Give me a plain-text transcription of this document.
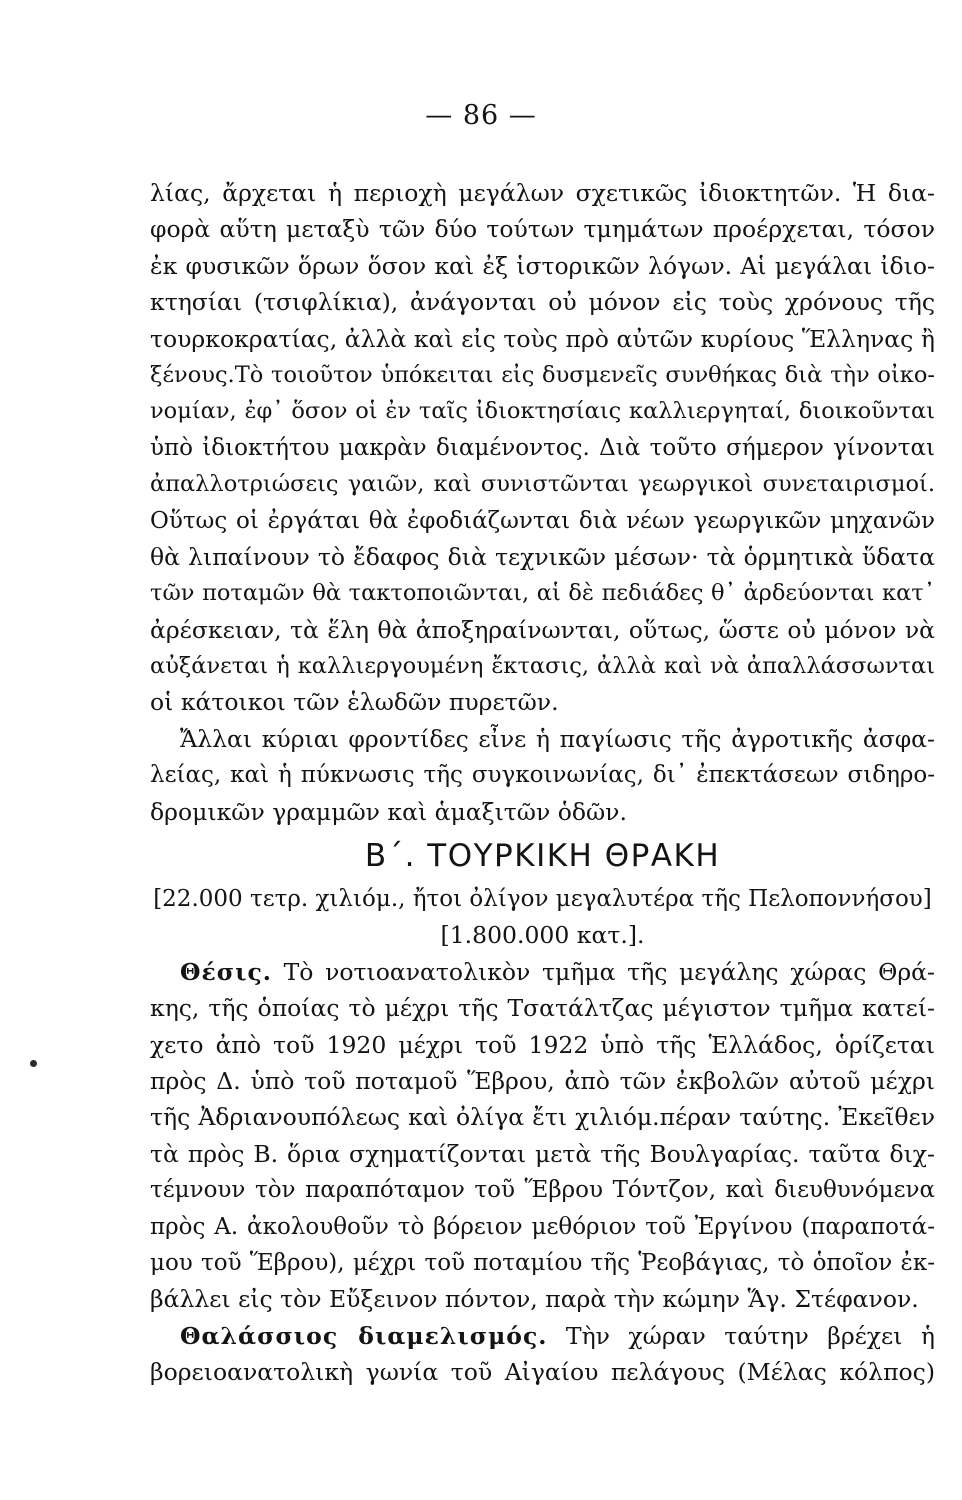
— 86 —
λίας, ἄρχεται ἡ περιοχὴ μεγάλων σχετικῶς ἰδιοκτητῶν. Ἡ δια-
φορὰ αὕτη μεταξὺ τῶν δύο τούτων τμημάτων προέρχεται, τόσον
ἐκ φυσικῶν ὅρων ὅσον καὶ ἐξ ἱστορικῶν λόγων. Αἱ μεγάλαι ἰδιο-
κτησίαι (τσιφλίκια), ἀνάγονται οὐ μόνον εἰς τοὺς χρόνους τῆς
τουρκοκρατίας, ἀλλὰ καὶ εἰς τοὺς πρὸ αὐτῶν κυρίους Ἕλληνας ἢ
ξένους.Τὸ τοιοῦτον ὑπόκειται εἰς δυσμενεῖς συνθήκας διὰ τὴν οἰκο-
νομίαν, ἐφ᾽ ὅσον οἱ ἐν ταῖς ἰδιοκτησίαις καλλιεργηταί, διοικοῦνται
ὑπὸ ἰδιοκτήτου μακρὰν διαμένοντος. Διὰ τοῦτο σήμερον γίνονται
ἀπαλλοτριώσεις γαιῶν, καὶ συνιστῶνται γεωργικοὶ συνεταιρισμοί.
Οὕτως οἱ ἐργάται θὰ ἐφοδιάζωνται διὰ νέων γεωργικῶν μηχανῶν
θὰ λιπαίνουν τὸ ἔδαφος διὰ τεχνικῶν μέσων· τὰ ὁρμητικὰ ὕδατα
τῶν ποταμῶν θὰ τακτοποιῶνται, αἱ δὲ πεδιάδες θ᾽ ἀρδεύονται κατ᾽
ἀρέσκειαν, τὰ ἕλη θὰ ἀποξηραίνωνται, οὕτως, ὥστε οὐ μόνον νὰ
αὐξάνεται ἡ καλλιεργουμένη ἔκτασις, ἀλλὰ καὶ νὰ ἀπαλλάσσωνται
οἱ κάτοικοι τῶν ἑλωδῶν πυρετῶν.
Ἄλλαι κύριαι φροντίδες εἶνε ἡ παγίωσις τῆς ἀγροτικῆς ἀσφα-
λείας, καὶ ἡ πύκνωσις τῆς συγκοινωνίας, δι᾽ ἐπεκτάσεων σιδηρο-
δρομικῶν γραμμῶν καὶ ἁμαξιτῶν ὁδῶν.
Β΄. ΤΟΥΡΚΙΚΗ ΘΡΑΚΗ
[22.000 τετρ. χιλιόμ., ἤτοι ὀλίγον μεγαλυτέρα τῆς Πελοποννήσου]
[1.800.000 κατ.].
Θέσις. Τὸ νοτιοανατολικὸν τμῆμα τῆς μεγάλης χώρας Θρά-
κης, τῆς ὁποίας τὸ μέχρι τῆς Τσατάλτζας μέγιστον τμῆμα κατεί-
χετο ἀπὸ τοῦ 1920 μέχρι τοῦ 1922 ὑπὸ τῆς Ἑλλάδος, ὁρίζεται
πρὸς Δ. ὑπὸ τοῦ ποταμοῦ Ἕβρου, ἀπὸ τῶν ἐκβολῶν αὐτοῦ μέχρι
τῆς Ἀδριανουπόλεως καὶ ὀλίγα ἔτι χιλιόμ.πέραν ταύτης. Ἐκεῖθεν
τὰ πρὸς Β. ὅρια σχηματίζονται μετὰ τῆς Βουλγαρίας. ταῦτα διχ-
τέμνουν τὸν παραπόταμον τοῦ Ἕβρου Τόντζον, καὶ διευθυνόμενα
πρὸς Α. ἀκολουθοῦν τὸ βόρειον μεθόριον τοῦ Ἐργίνου (παραποτά-
μου τοῦ Ἕβρου), μέχρι τοῦ ποταμίου τῆς Ῥεοβάγιας, τὸ ὁποῖον ἐκ-
βάλλει εἰς τὸν Εὔξεινον πόντον, παρὰ τὴν κώμην Ἅγ. Στέφανον.
Θαλάσσιος διαμελισμός. Τὴν χώραν ταύτην βρέχει ἡ
βορειοανατολικὴ γωνία τοῦ Αἰγαίου πελάγους (Μέλας κόλπος)
